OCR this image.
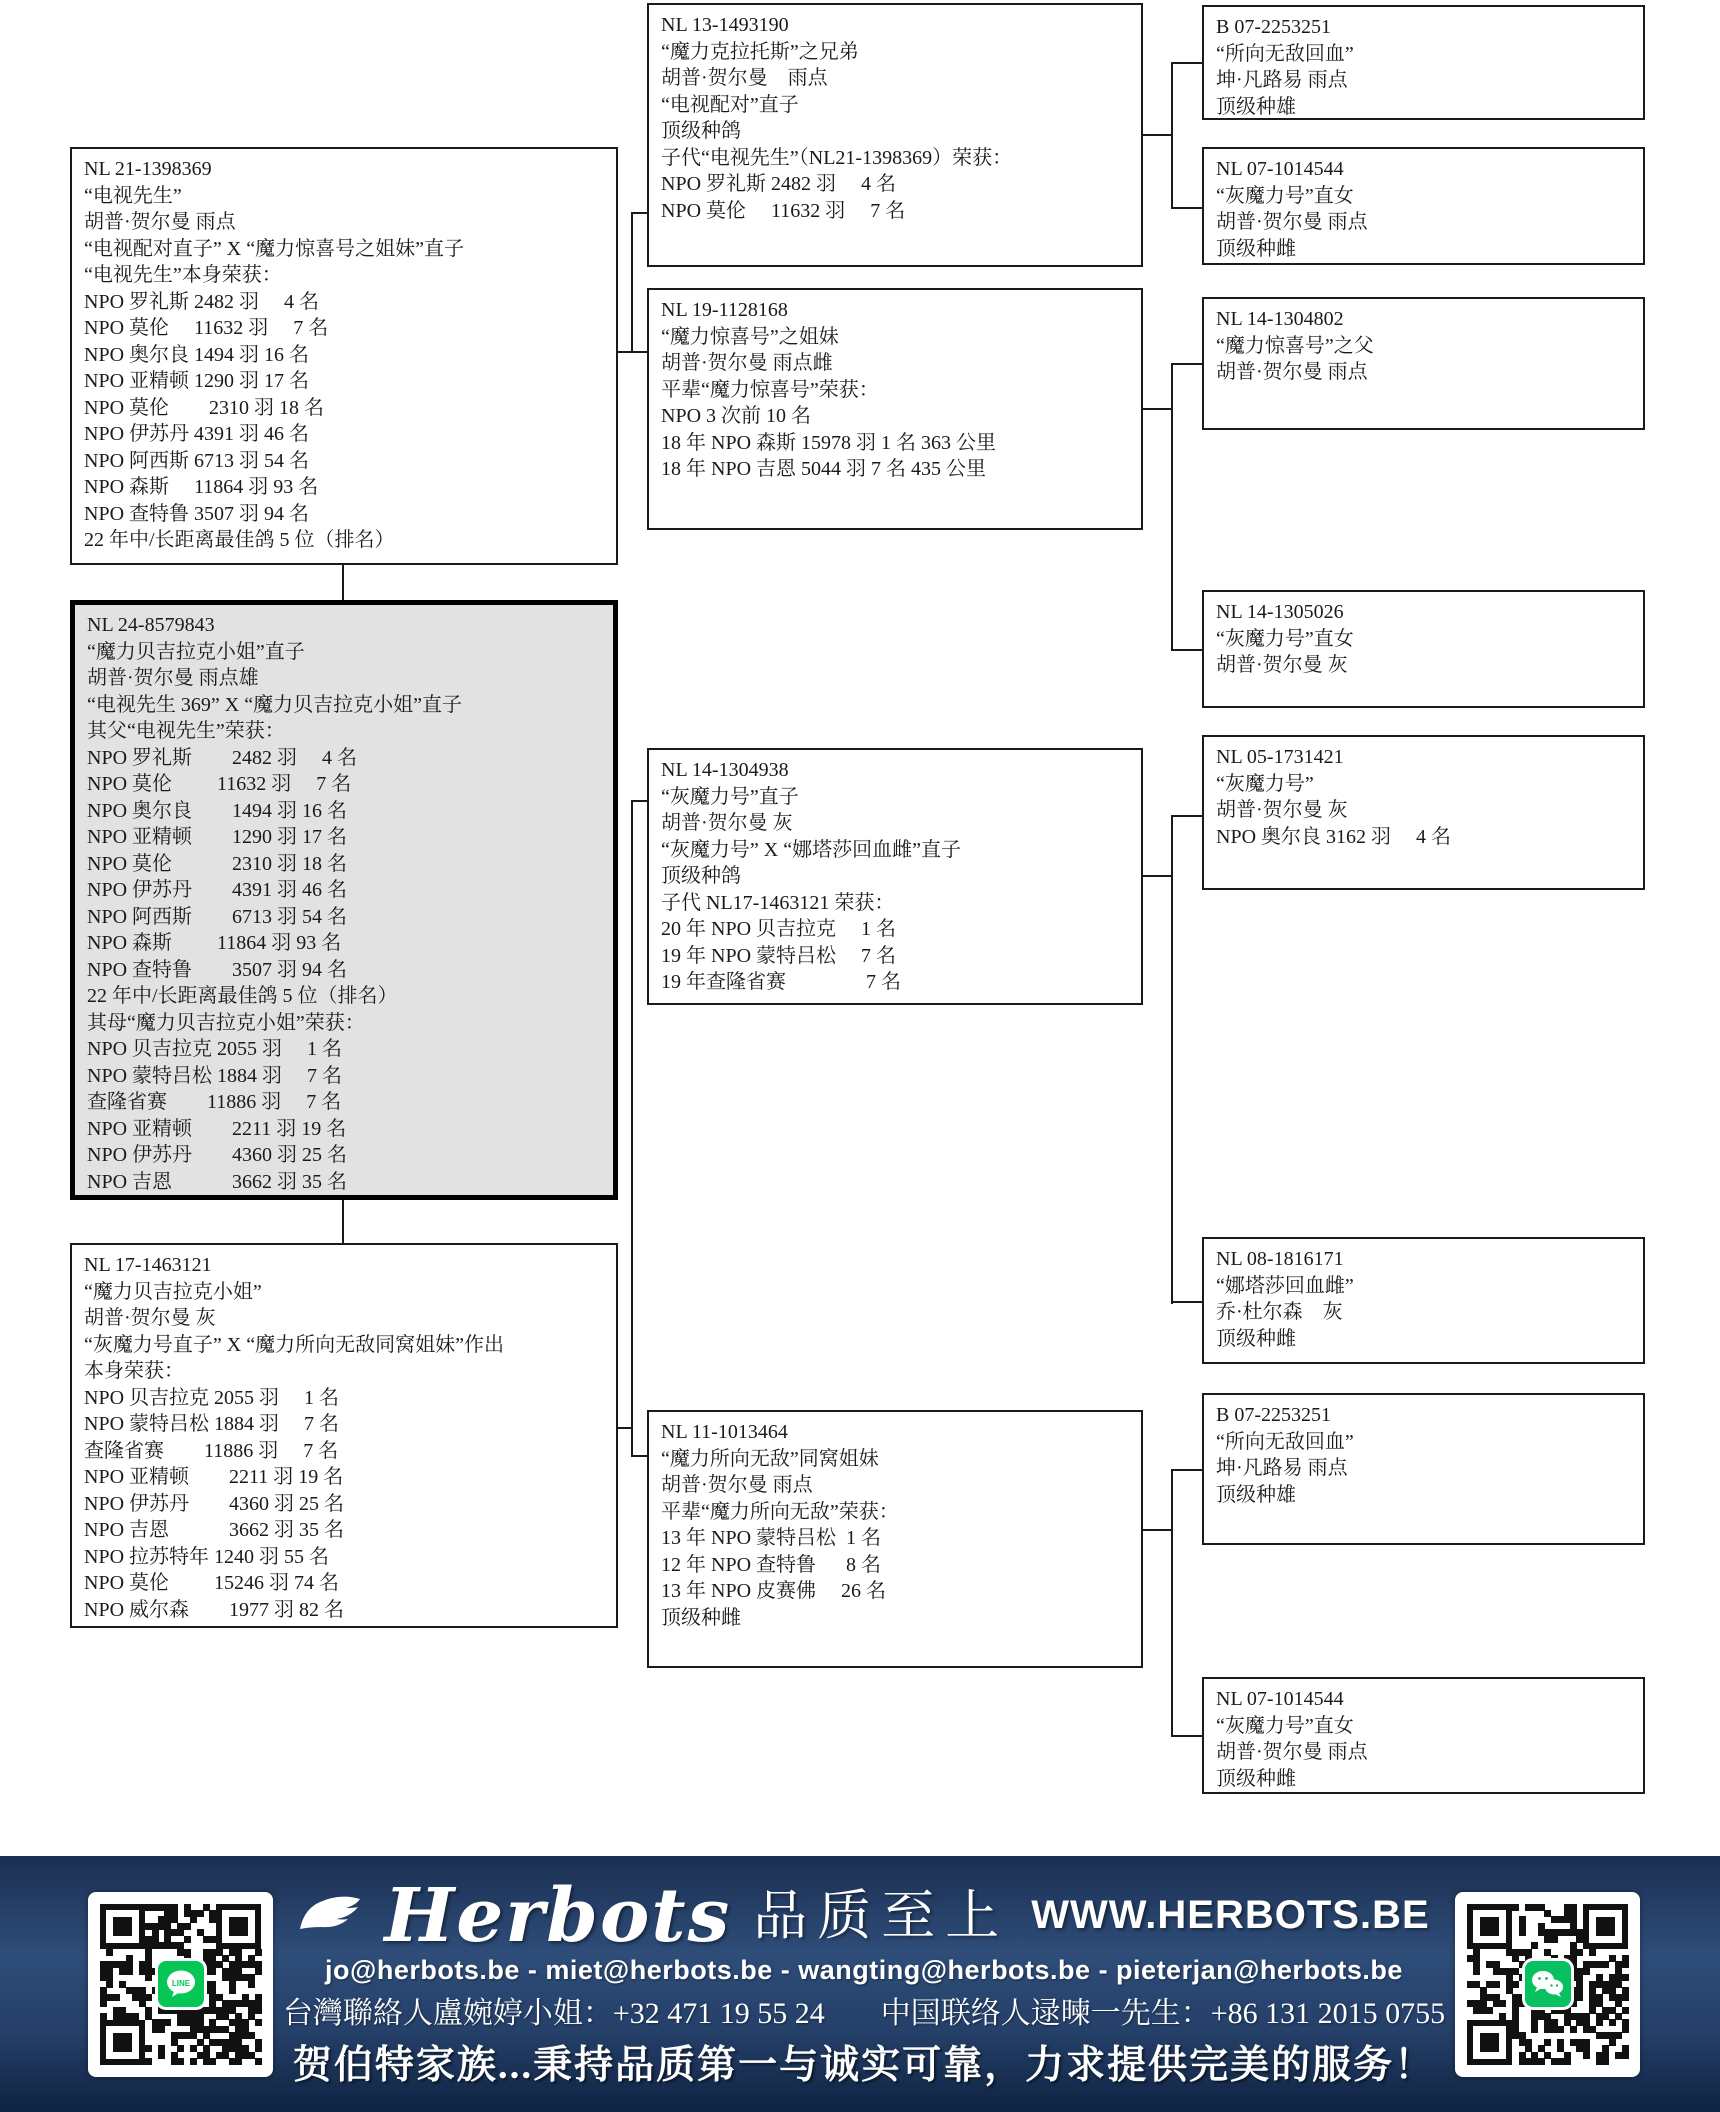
NL 21-1398369
“电视先生”
胡普·贺尔曼 雨点
“电视配对直子” X “魔力惊喜号之姐妹”直子
“电视先生”本身荣获：
NPO 罗礼斯 2482 羽　 4 名
NPO 莫伦　 11632 羽　 7 名
NPO 奥尔良 1494 羽 16 名
NPO 亚精顿 1290 羽 17 名
NPO 莫伦　　2310 羽 18 名
NPO 伊苏丹 4391 羽 46 名
NPO 阿西斯 6713 羽 54 名
NPO 森斯　 11864 羽 93 名
NPO 查特鲁 3507 羽 94 名
22 年中/长距离最佳鸽 5 位（排名）
NL 24-8579843
“魔力贝吉拉克小姐”直子
胡普·贺尔曼 雨点雄
“电视先生 369” X “魔力贝吉拉克小姐”直子
其父“电视先生”荣获：
NPO 罗礼斯　　2482 羽　 4 名
NPO 莫伦　　 11632 羽　 7 名
NPO 奥尔良　　1494 羽 16 名
NPO 亚精顿　　1290 羽 17 名
NPO 莫伦　　　2310 羽 18 名
NPO 伊苏丹　　4391 羽 46 名
NPO 阿西斯　　6713 羽 54 名
NPO 森斯　　 11864 羽 93 名
NPO 查特鲁　　3507 羽 94 名
22 年中/长距离最佳鸽 5 位（排名）
其母“魔力贝吉拉克小姐”荣获：
NPO 贝吉拉克 2055 羽　 1 名
NPO 蒙特吕松 1884 羽　 7 名
查隆省赛　　11886 羽　 7 名
NPO 亚精顿　　2211 羽 19 名
NPO 伊苏丹　　4360 羽 25 名
NPO 吉恩　　　3662 羽 35 名
NL 17-1463121
“魔力贝吉拉克小姐”
胡普·贺尔曼 灰
“灰魔力号直子” X “魔力所向无敌同窝姐妹”作出
本身荣获：
NPO 贝吉拉克 2055 羽　 1 名
NPO 蒙特吕松 1884 羽　 7 名
查隆省赛　　11886 羽　 7 名
NPO 亚精顿　　2211 羽 19 名
NPO 伊苏丹　　4360 羽 25 名
NPO 吉恩　　　3662 羽 35 名
NPO 拉苏特年 1240 羽 55 名
NPO 莫伦　　 15246 羽 74 名
NPO 威尔森　　1977 羽 82 名
NL 13-1493190
“魔力克拉托斯”之兄弟
胡普·贺尔曼　雨点
“电视配对”直子
顶级种鸽
子代“电视先生”（NL21-1398369）荣获：
NPO 罗礼斯 2482 羽　 4 名
NPO 莫伦　 11632 羽　 7 名
NL 19-1128168
“魔力惊喜号”之姐妹
胡普·贺尔曼 雨点雌
平辈“魔力惊喜号”荣获：
NPO 3 次前 10 名
18 年 NPO 森斯 15978 羽 1 名 363 公里
18 年 NPO 吉恩 5044 羽 7 名 435 公里
NL 14-1304938
“灰魔力号”直子
胡普·贺尔曼 灰
“灰魔力号” X “娜塔莎回血雌”直子
顶级种鸽
子代 NL17-1463121 荣获：
20 年 NPO 贝吉拉克　 1 名
19 年 NPO 蒙特吕松　 7 名
19 年查隆省赛　　　　7 名
NL 11-1013464
“魔力所向无敌”同窝姐妹
胡普·贺尔曼 雨点
平辈“魔力所向无敌”荣获：
13 年 NPO 蒙特吕松  1 名
12 年 NPO 查特鲁　  8 名
13 年 NPO 皮赛佛　 26 名
顶级种雌
B 07-2253251
“所向无敌回血”
坤·凡路易 雨点
顶级种雄
NL 07-1014544
“灰魔力号”直女
胡普·贺尔曼 雨点
顶级种雌
NL 14-1304802
“魔力惊喜号”之父
胡普·贺尔曼 雨点
NL 14-1305026
“灰魔力号”直女
胡普·贺尔曼 灰
NL 05-1731421
“灰魔力号”
胡普·贺尔曼 灰
NPO 奥尔良 3162 羽　 4 名
NL 08-1816171
“娜塔莎回血雌”
乔·杜尔森　灰
顶级种雌
B 07-2253251
“所向无敌回血”
坤·凡路易 雨点
顶级种雄
NL 07-1014544
“灰魔力号”直女
胡普·贺尔曼 雨点
顶级种雌
LINE
Herbots 品质至上 WWW.HERBOTS.BE
jo@herbots.be - miet@herbots.be - wangting@herbots.be - pieterjan@herbots.be
台灣聯絡人盧婉婷小姐：+32 471 19 55 24 中国联络人逯暕一先生：+86 131 2015 0755
贺伯特家族...秉持品质第一与诚实可靠，力求提供完美的服务！
